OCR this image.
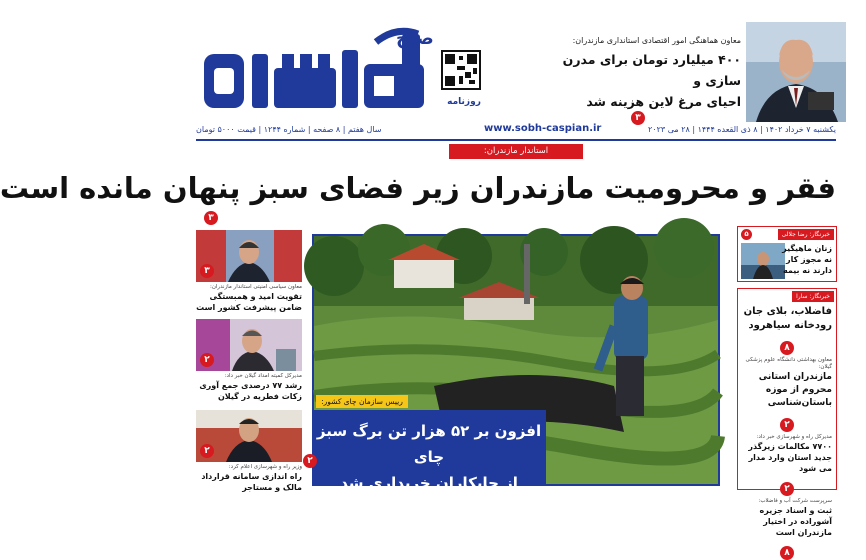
صبح
روزنامه
معاون هماهنگی امور اقتصادی استانداری مازندران:
۴۰۰ میلیارد تومان برای مدرن سازی و
احیای مرغ لاین هزینه شد
۳
یکشنبه ۷ خرداد ۱۴۰۲ | ۸ ذی القعده ۱۴۴۴ | ۲۸ می ۲۰۲۳
www.sobh-caspian.ir
سال هفتم | ۸ صفحه | شماره ۱۲۴۴ | قیمت ۵۰۰۰ تومان
استاندار مازندران:
فقر و محرومیت مازندران زیر فضای سبز پنهان مانده است
۳
۳
معاون سیاسی امنیتی استاندار مازندران:
تقویت امید و همبستگی ضامن پیشرفت کشور است
۲
مدیرکل کمیته امداد گیلان خبر داد:
رشد ۷۷ درصدی جمع آوری زکات فطریه در گیلان
۲
وزیر راه و شهرسازی اعلام کرد:
راه اندازی سامانه قرارداد مالک و مستاجر
رییس سازمان چای کشور:
افزون بر ۵۲ هزار تن برگ سبز چای
از چایکاران خریداری شد
۲
خبرنگار: رضا جلالی
۵
زنان ماهیگیر نه مجوز کار دارند نه بیمه
خبرنگار: سارا
فاضلاب، بلای جان رودخانه سیاهرود
۸
معاون بهداشتی دانشگاه علوم پزشکی گیلان:
مازندران استانی محروم از موزه باستان‌شناسی
۲
مدیرکل راه و شهرسازی خبر داد:
۷۷۰۰ مکالمات زیرگذر جدید استان وارد مدار می شود
۲
سرپرست شرکت آب و فاضلاب:
ثبت و اسناد جزیره آشوراده در اختیار مازندران است
۸
